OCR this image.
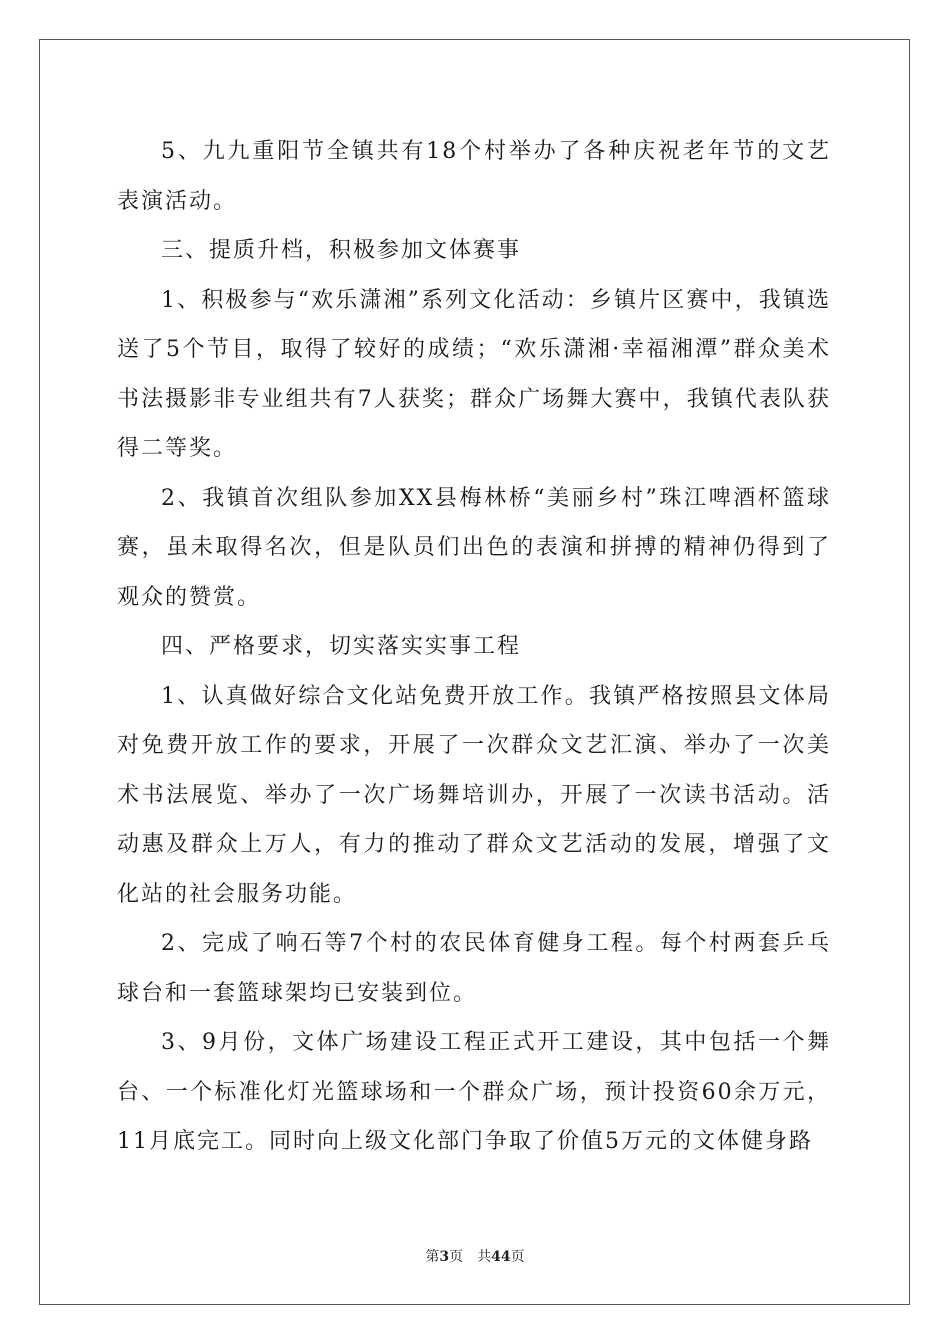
5、九九重阳节全镇共有18个村举办了各种庆祝老年节的文艺表演活动。

三、提质升档，积极参加文体赛事

1、积极参与“欢乐潇湘”系列文化活动：乡镇片区赛中，我镇选送了5个节目，取得了较好的成绩；“欢乐潇湘·幸福湘潭”群众美术书法摄影非专业组共有7人获奖；群众广场舞大赛中，我镇代表队获得二等奖。

2、我镇首次组队参加XX县梅林桥“美丽乡村”珠江啤酒杯篮球赛，虽未取得名次，但是队员们出色的表演和拼搏的精神仍得到了观众的赞赏。

四、严格要求，切实落实实事工程

1、认真做好综合文化站免费开放工作。我镇严格按照县文体局对免费开放工作的要求，开展了一次群众文艺汇演、举办了一次美术书法展览、举办了一次广场舞培训办，开展了一次读书活动。活动惠及群众上万人，有力的推动了群众文艺活动的发展，增强了文化站的社会服务功能。

2、完成了响石等7个村的农民体育健身工程。每个村两套乒乓球台和一套篮球架均已安装到位。

3、9月份，文体广场建设工程正式开工建设，其中包括一个舞台、一个标准化灯光篮球场和一个群众广场，预计投资60余万元，11月底完工。同时向上级文化部门争取了价值5万元的文体健身路

第3页 共44页
